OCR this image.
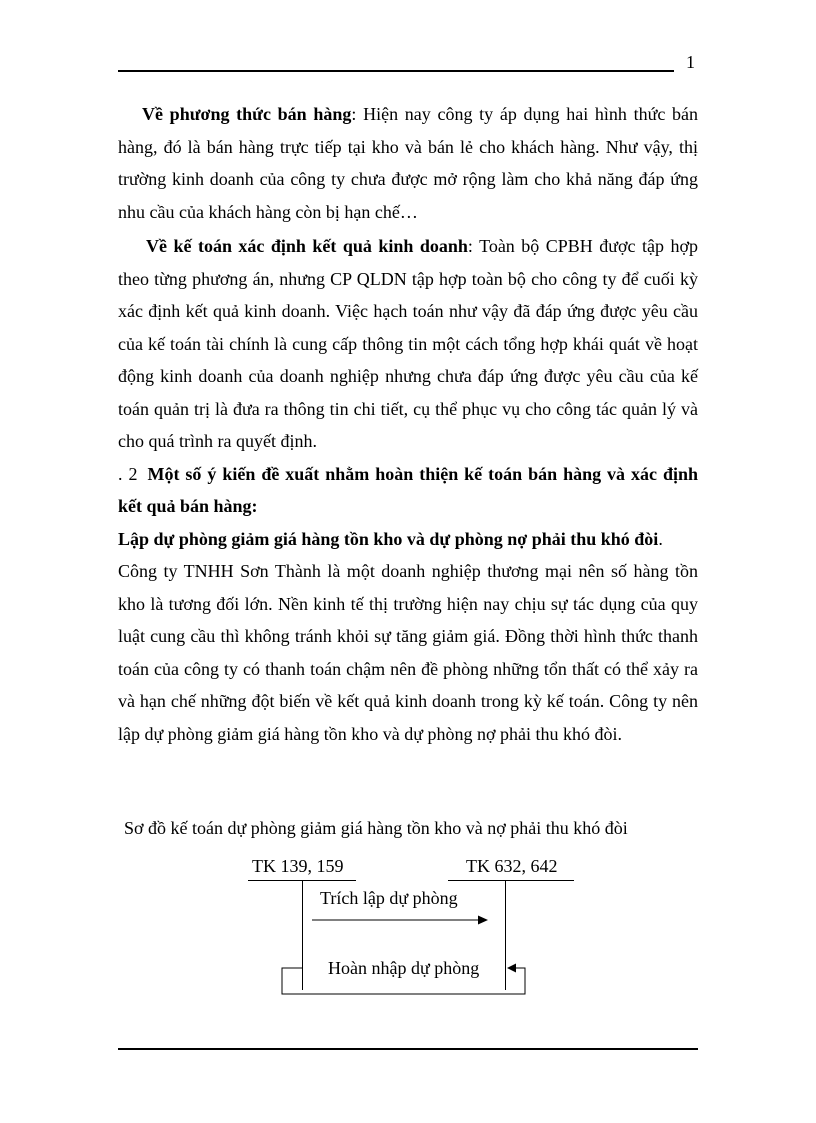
1

Về phương thức bán hàng: Hiện nay công ty áp dụng hai hình thức bán hàng, đó là bán hàng trực tiếp tại kho và bán lẻ cho khách hàng. Như vậy, thị trường kinh doanh của công ty chưa được mở rộng làm cho khả năng đáp ứng nhu cầu của khách hàng còn bị hạn chế…

Về kế toán xác định kết quả kinh doanh: Toàn bộ CPBH được tập hợp theo từng phương án, nhưng CP QLDN tập hợp toàn bộ cho công ty để cuối kỳ xác định kết quả kinh doanh. Việc hạch toán như vậy đã đáp ứng được yêu cầu của kế toán tài chính là cung cấp thông tin một cách tổng hợp khái quát về hoạt động kinh doanh của doanh nghiệp nhưng chưa đáp ứng được yêu cầu của kế toán quản trị là đưa ra thông tin chi tiết, cụ thể phục vụ cho công tác quản lý và cho quá trình ra quyết định.

. 2 Một số ý kiến đề xuất nhằm hoàn thiện kế toán bán hàng và xác định kết quả bán hàng:

Lập dự phòng giảm giá hàng tồn kho và dự phòng nợ phải thu khó đòi.

Công ty TNHH Sơn Thành là một doanh nghiệp thương mại nên số hàng tồn kho là tương đối lớn. Nền kinh tế thị trường hiện nay chịu sự tác dụng của quy luật cung cầu thì không tránh khỏi sự tăng giảm giá. Đồng thời hình thức thanh toán của công ty có thanh toán chậm nên đề phòng những tổn thất có thể xảy ra và hạn chế những đột biến về kết quả kinh doanh trong kỳ kế toán. Công ty nên lập dự phòng giảm giá hàng tồn kho và dự phòng nợ phải thu khó đòi.

Sơ đồ kế toán dự phòng giảm giá hàng tồn kho và nợ phải thu khó đòi
TK 139, 159	TK 632, 642
Trích lập dự phòng
Hoàn nhập dự phòng
